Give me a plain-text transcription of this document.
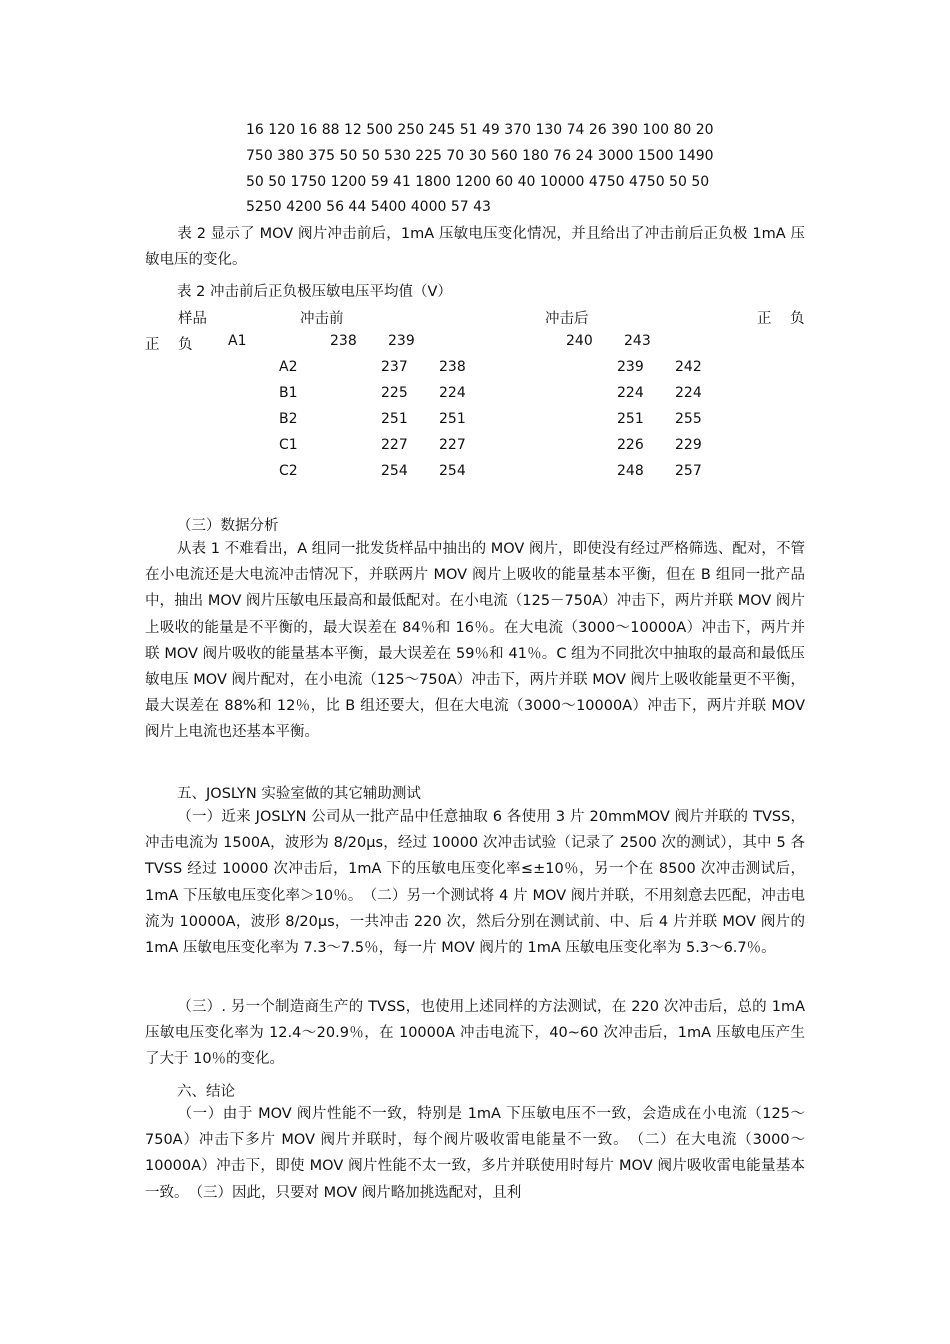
16 120 16 88 12 500 250 245 51 49 370 130 74 26 390 100 80 20
750 380 375 50 50 530 225 70 30 560 180 76 24 3000 1500 1490
50 50 1750 1200 59 41 1800 1200 60 40 10000 4750 4750 50 50
5250 4200 56 44 5400 4000 57 43
表 2 显示了 MOV 阀片冲击前后，1mA 压敏电压变化情况，并且给出了冲击前后正负极 1mA 压敏电压的变化。
表 2 冲击前后正负极压敏电压平均值（V）
样品	冲击前	冲击后	正 负
正 负	A1	238 239	240 243
A2	237 238	239 242
B1	225 224	224 224
B2	251 251	251 255
C1	227 227	226 229
C2	254 254	248 257
（三）数据分析
从表 1 不难看出，A 组同一批发货样品中抽出的 MOV 阀片，即使没有经过严格筛选、配对，不管在小电流还是大电流冲击情况下，并联两片 MOV 阀片上吸收的能量基本平衡，但在 B 组同一批产品中，抽出 MOV 阀片压敏电压最高和最低配对。在小电流（125－750A）冲击下，两片并联 MOV 阀片上吸收的能量是不平衡的，最大误差在 84％和 16％。在大电流（3000～10000A）冲击下，两片并联 MOV 阀片吸收的能量基本平衡，最大误差在 59％和 41％。C 组为不同批次中抽取的最高和最低压敏电压 MOV 阀片配对，在小电流（125～750A）冲击下，两片并联 MOV 阀片上吸收能量更不平衡，最大误差在 88%和 12％，比 B 组还要大，但在大电流（3000～10000A）冲击下，两片并联 MOV 阀片上电流也还基本平衡。
五、JOSLYN 实验室做的其它辅助测试
（一）近来 JOSLYN 公司从一批产品中任意抽取 6 各使用 3 片 20mmMOV 阀片并联的 TVSS，冲击电流为 1500A，波形为 8/20μs，经过 10000 次冲击试验（记录了 2500 次的测试），其中 5 各 TVSS 经过 10000 次冲击后，1mA 下的压敏电压变化率≤±10％，另一个在 8500 次冲击测试后，1mA 下压敏电压变化率＞10％。　（二）另一个测试将 4 片 MOV 阀片并联，不用刻意去匹配，冲击电流为 10000A，波形 8/20μs，一共冲击 220 次，然后分别在测试前、中、后 4 片并联 MOV 阀片的 1mA 压敏电压变化率为 7.3～7.5％，每一片 MOV 阀片的 1mA 压敏电压变化率为 5.3～6.7％。
（三）. 另一个制造商生产的 TVSS，也使用上述同样的方法测试，在 220 次冲击后，总的 1mA 压敏电压变化率为 12.4～20.9％，在 10000A 冲击电流下，40~60 次冲击后，1mA 压敏电压产生了大于 10％的变化。
六、结论
（一）由于 MOV 阀片性能不一致，特别是 1mA 下压敏电压不一致，会造成在小电流（125～750A）冲击下多片 MOV 阀片并联时，每个阀片吸收雷电能量不一致。　（二）在大电流（3000～10000A）冲击下，即使 MOV 阀片性能不太一致，多片并联使用时每片 MOV 阀片吸收雷电能量基本一致。　（三）因此，只要对 MOV 阀片略加挑选配对，且利
